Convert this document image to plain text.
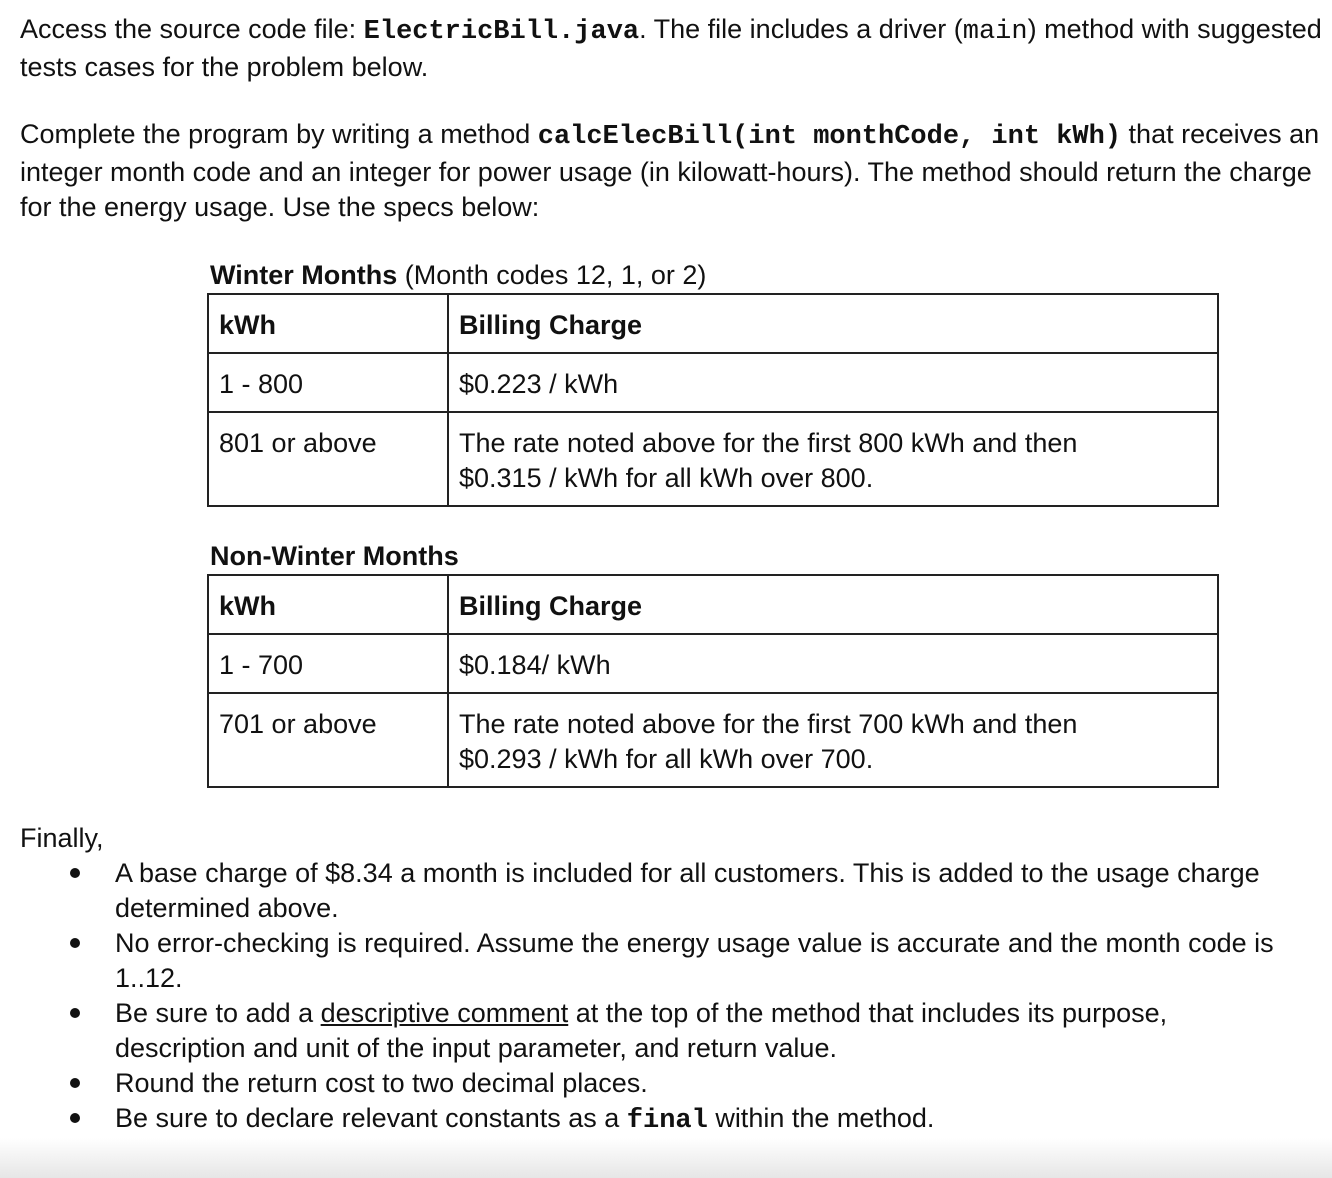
Access the source code file: ElectricBill.java. The file includes a driver (main) method with suggested tests cases for the problem below.

Complete the program by writing a method calcElecBill(int monthCode, int kWh) that receives an integer month code and an integer for power usage (in kilowatt-hours). The method should return the charge for the energy usage. Use the specs below:

Winter Months (Month codes 12, 1, or 2)

kWh	Billing Charge
1 - 800	$0.223 / kWh
801 or above	The rate noted above for the first 800 kWh and then
$0.315 / kWh for all kWh over 800.

Non-Winter Months

kWh	Billing Charge
1 - 700	$0.184/ kWh
701 or above	The rate noted above for the first 700 kWh and then
$0.293 / kWh for all kWh over 700.

Finally,

A base charge of $8.34 a month is included for all customers. This is added to the usage charge determined above.
No error-checking is required. Assume the energy usage value is accurate and the month code is 1..12.
Be sure to add a descriptive comment at the top of the method that includes its purpose, description and unit of the input parameter, and return value.
Round the return cost to two decimal places.
Be sure to declare relevant constants as a final within the method.
